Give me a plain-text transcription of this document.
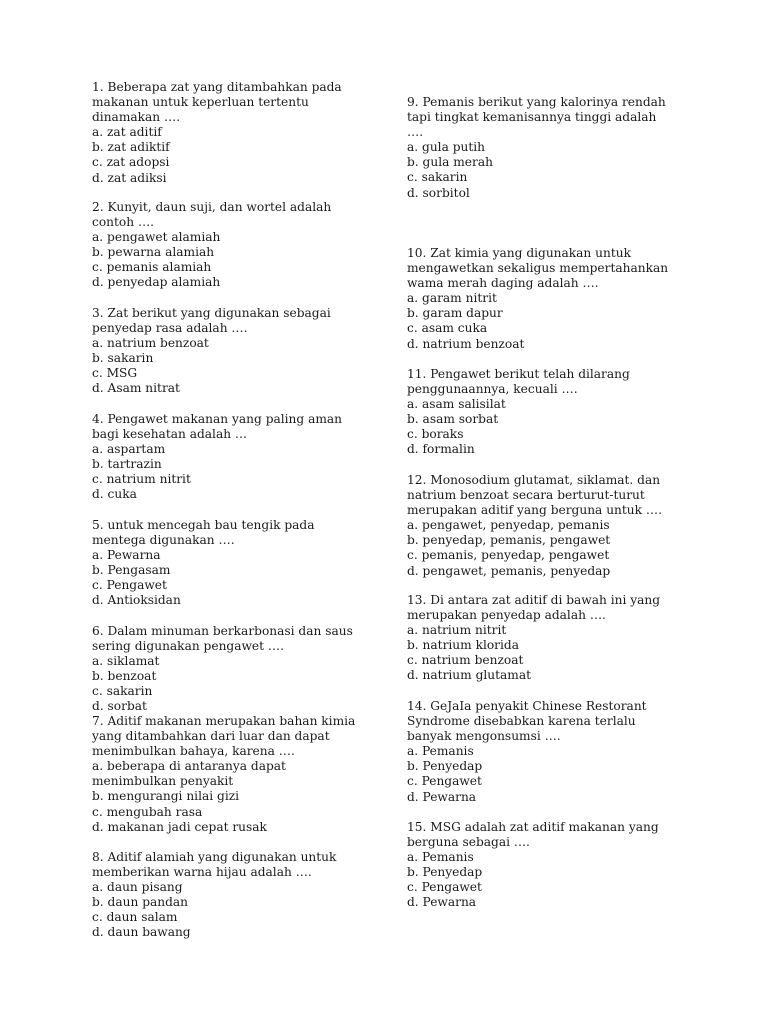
1. Beberapa zat yang ditambahkan pada
makanan untuk keperluan tertentu
dinamakan ….

a. zat aditif

b. zat adiktif

c. zat adopsi

d. zat adiksi

2. Kunyit, daun suji, dan wortel adalah
contoh ….

a. pengawet alamiah

b. pewarna alamiah

c. pemanis alamiah

d. penyedap alamiah

3. Zat berikut yang digunakan sebagai
penyedap rasa adalah ….

a. natrium benzoat

b. sakarin

c. MSG

d. Asam nitrat

4. Pengawet makanan yang paling aman
bagi kesehatan adalah …

a. aspartam

b. tartrazin

c. natrium nitrit

d. cuka

5. untuk mencegah bau tengik pada
mentega digunakan ….

a. Pewarna

b. Pengasam

c. Pengawet

d. Antioksidan

6. Dalam minuman berkarbonasi dan saus
sering digunakan pengawet ….

a. siklamat

b. benzoat

c. sakarin

d. sorbat

7. Aditif makanan merupakan bahan kimia
yang ditambahkan dari luar dan dapat
menimbulkan bahaya, karena ….

a. beberapa di antaranya dapat
menimbulkan penyakit

b. mengurangi nilai gizi

c. mengubah rasa

d. makanan jadi cepat rusak

8. Aditif alamiah yang digunakan untuk
memberikan warna hijau adalah ….

a. daun pisang

b. daun pandan

c. daun salam

d. daun bawang

9. Pemanis berikut yang kalorinya rendah
tapi tingkat kemanisannya tinggi adalah
….

a. gula putih

b. gula merah

c. sakarin

d. sorbitol

10. Zat kimia yang digunakan untuk
mengawetkan sekaligus mempertahankan
wama merah daging adalah ….

a. garam nitrit

b. garam dapur

c. asam cuka

d. natrium benzoat

11. Pengawet berikut telah dilarang
penggunaannya, kecuali ….

a. asam salisilat

b. asam sorbat

c. boraks

d. formalin

12. Monosodium glutamat, siklamat. dan
natrium benzoat secara berturut-turut
merupakan aditif yang berguna untuk ….

a. pengawet, penyedap, pemanis

b. penyedap, pemanis, pengawet

c. pemanis, penyedap, pengawet

d. pengawet, pemanis, penyedap

13. Di antara zat aditif di bawah ini yang
merupakan penyedap adalah ….

a. natrium nitrit

b. natrium klorida

c. natrium benzoat

d. natrium glutamat

14. GeJaIa penyakit Chinese Restorant
Syndrome disebabkan karena terlalu
banyak mengonsumsi ….

a. Pemanis

b. Penyedap

c. Pengawet

d. Pewarna

15. MSG adalah zat aditif makanan yang
berguna sebagai ….

a. Pemanis

b. Penyedap

c. Pengawet

d. Pewarna
